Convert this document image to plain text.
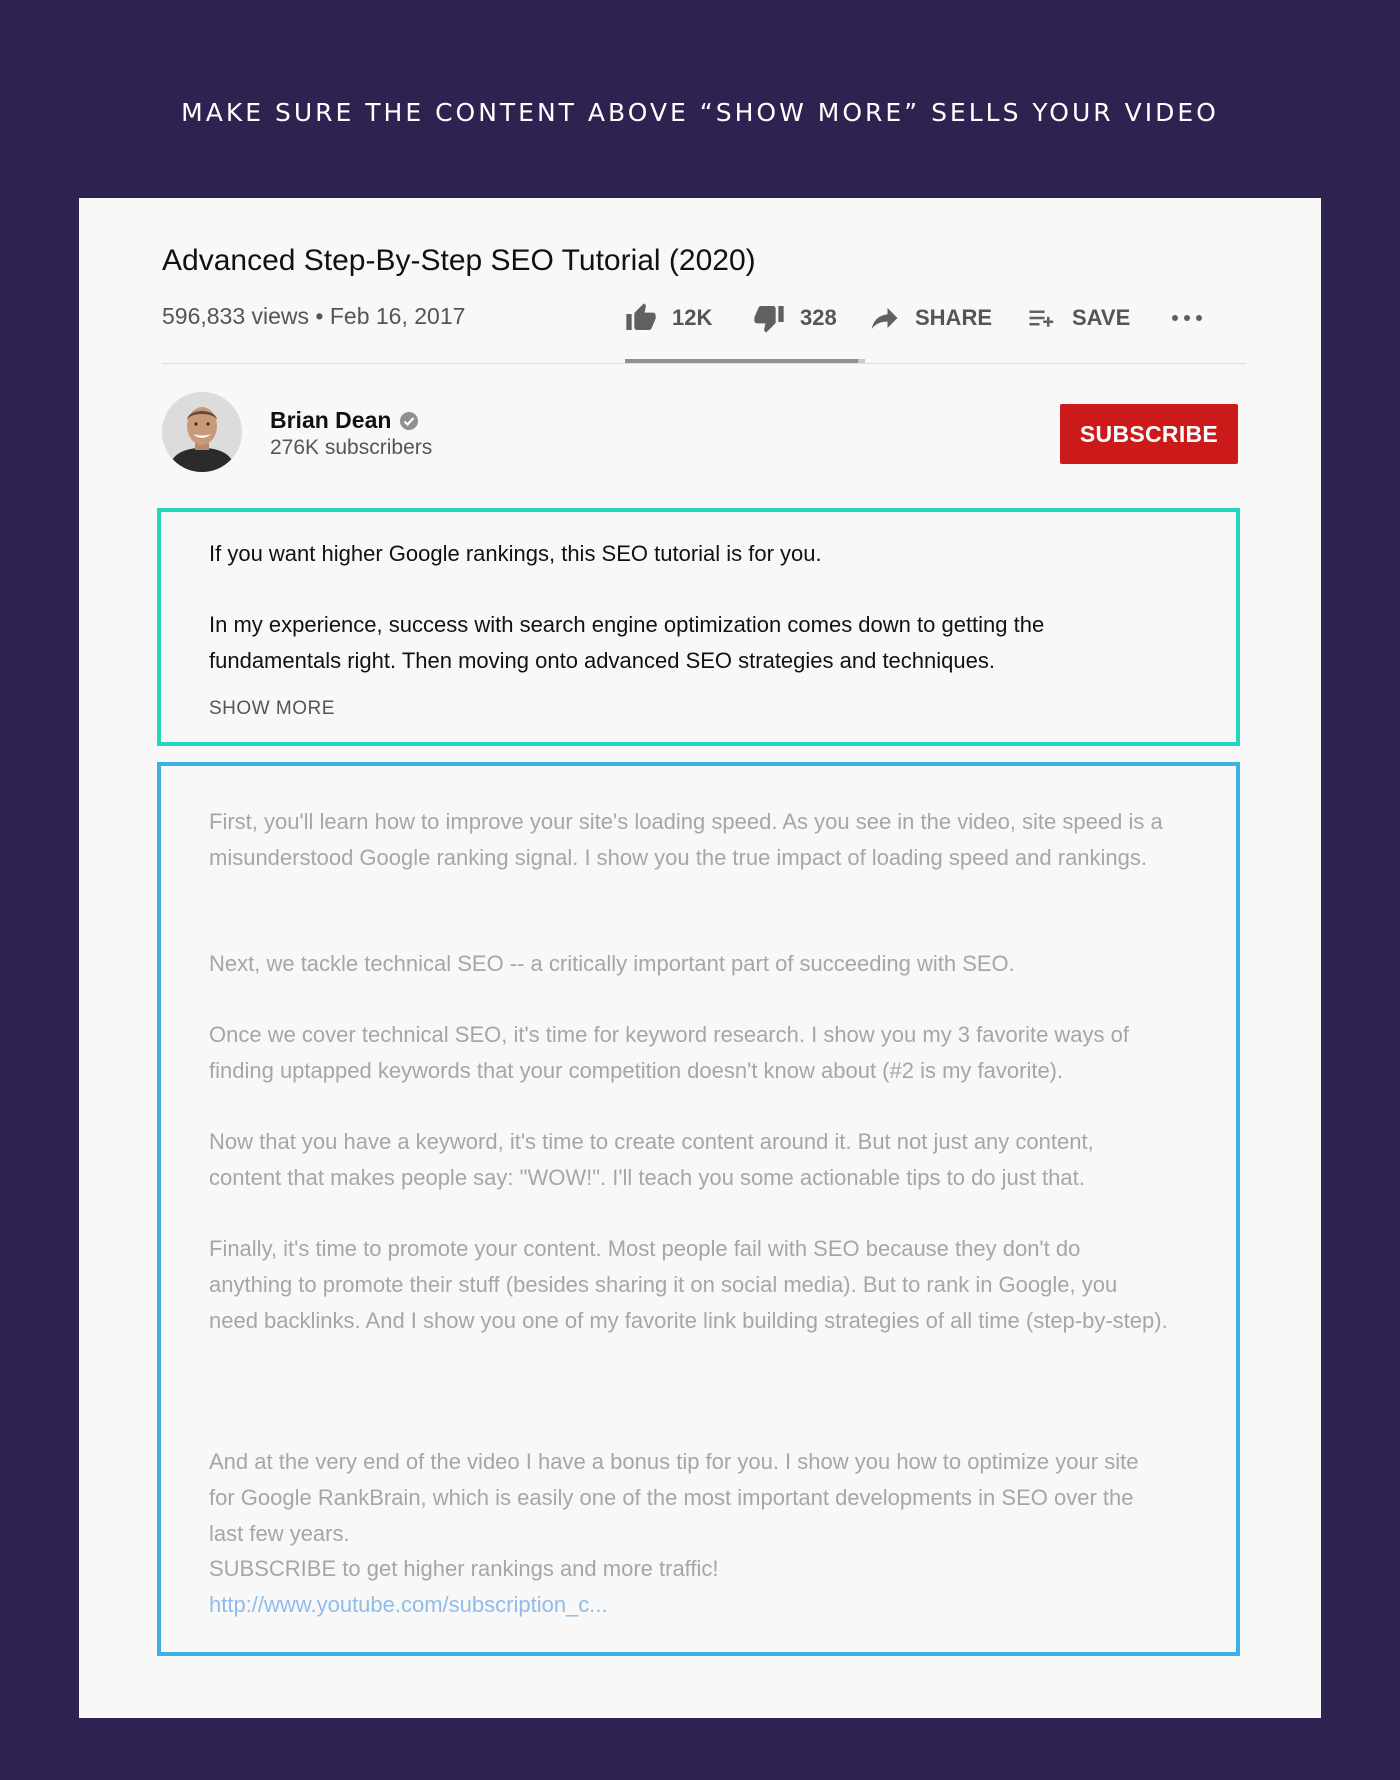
MAKE SURE THE CONTENT ABOVE “SHOW MORE” SELLS YOUR VIDEO
Advanced Step-By-Step SEO Tutorial (2020)
596,833 views • Feb 16, 2017	12K	328	SHARE	SAVE
Brian Dean
276K subscribers
SUBSCRIBE

If you want higher Google rankings, this SEO tutorial is for you.

In my experience, success with search engine optimization comes down to getting the fundamentals right. Then moving onto advanced SEO strategies and techniques.

SHOW MORE

First, you'll learn how to improve your site's loading speed. As you see in the video, site speed is a misunderstood Google ranking signal. I show you the true impact of loading speed and rankings.

Next, we tackle technical SEO -- a critically important part of succeeding with SEO.

Once we cover technical SEO, it's time for keyword research. I show you my 3 favorite ways of finding uptapped keywords that your competition doesn't know about (#2 is my favorite).

Now that you have a keyword, it's time to create content around it. But not just any content, content that makes people say: "WOW!". I'll teach you some actionable tips to do just that.

Finally, it's time to promote your content. Most people fail with SEO because they don't do anything to promote their stuff (besides sharing it on social media). But to rank in Google, you need backlinks. And I show you one of my favorite link building strategies of all time (step-by-step).

And at the very end of the video I have a bonus tip for you. I show you how to optimize your site for Google RankBrain, which is easily one of the most important developments in SEO over the last few years.

SUBSCRIBE to get higher rankings and more traffic!

http://www.youtube.com/subscription_c...
